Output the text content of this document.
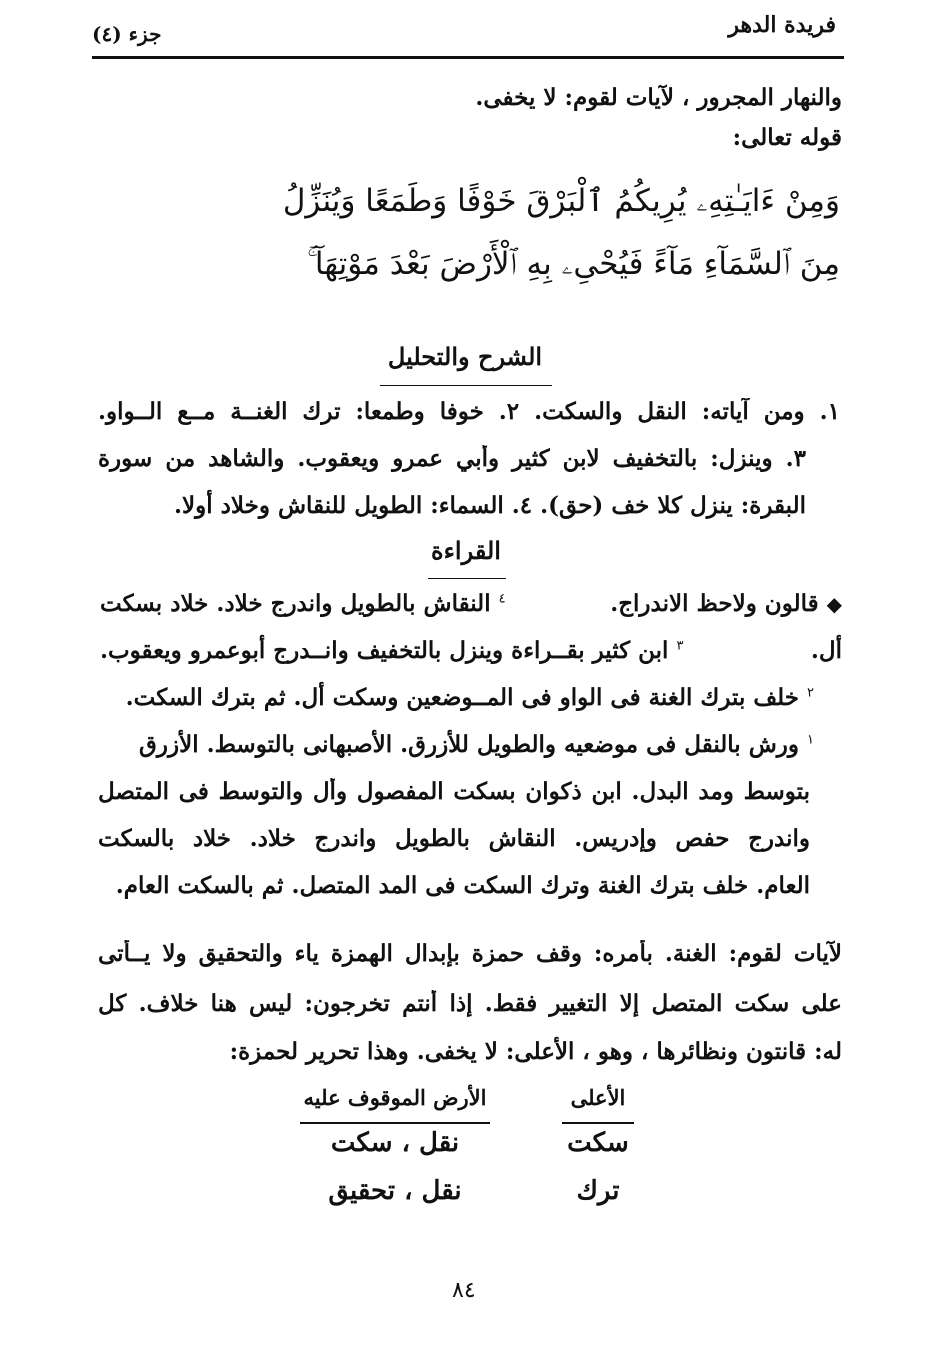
فريدة الدهر
جزء (٤)
والنهار المجرور ، لآيات لقوم: لا يخفى.
قوله تعالى:
وَمِنْ ءَايَـٰتِهِۦ يُرِيكُمُ ٱلْبَرْقَ خَوْفًا وَطَمَعًا وَيُنَزِّلُ
مِنَ ٱلسَّمَآءِ مَآءً فَيُحْىِۦ بِهِ ٱلْأَرْضَ بَعْدَ مَوْتِهَآ ۚ
الشرح والتحليل
١. ومن آياته: النقل والسكت. ٢. خوفا وطمعا: ترك الغنــة مــع الــواو.
٣. وينزل: بالتخفيف لابن كثير وأبي عمرو ويعقوب. والشاهد من سورة
البقرة: ينزل كلا خف (حق). ٤. السماء: الطويل للنقاش وخلاد أولا.
القراءة
◆ قالون ولاحظ الاندراج.
$^٤$ النقاش بالطويل واندرج خلاد. خلاد بسكت
أل.
$^٣$ ابن كثير بقــراءة وينزل بالتخفيف وانــدرج أبوعمرو ويعقوب.
$^٢$ خلف بترك الغنة فى الواو فى المــوضعين وسكت أل. ثم بترك السكت.
$^١$ ورش بالنقل فى موضعيه والطويل للأزرق. الأصبهانى بالتوسط. الأزرق
بتوسط ومد البدل. ابن ذكوان بسكت المفصول وأل والتوسط فى المتصل
واندرج حفص وإدريس. النقاش بالطويل واندرج خلاد. خلاد بالسكت
العام. خلف بترك الغنة وترك السكت فى المد المتصل. ثم بالسكت العام.
لآيات لقوم: الغنة. بأمره: وقف حمزة بإبدال الهمزة ياء والتحقيق ولا يــأتى
على سكت المتصل إلا التغيير فقط. إذا أنتم تخرجون: ليس هنا خلاف. كل
له: قانتون ونظائرها ، وهو ، الأعلى: لا يخفى. وهذا تحرير لحمزة:
الأعلى
الأرض الموقوف عليه
سكت
نقل ، سكت
ترك
نقل ، تحقيق
٨٤
